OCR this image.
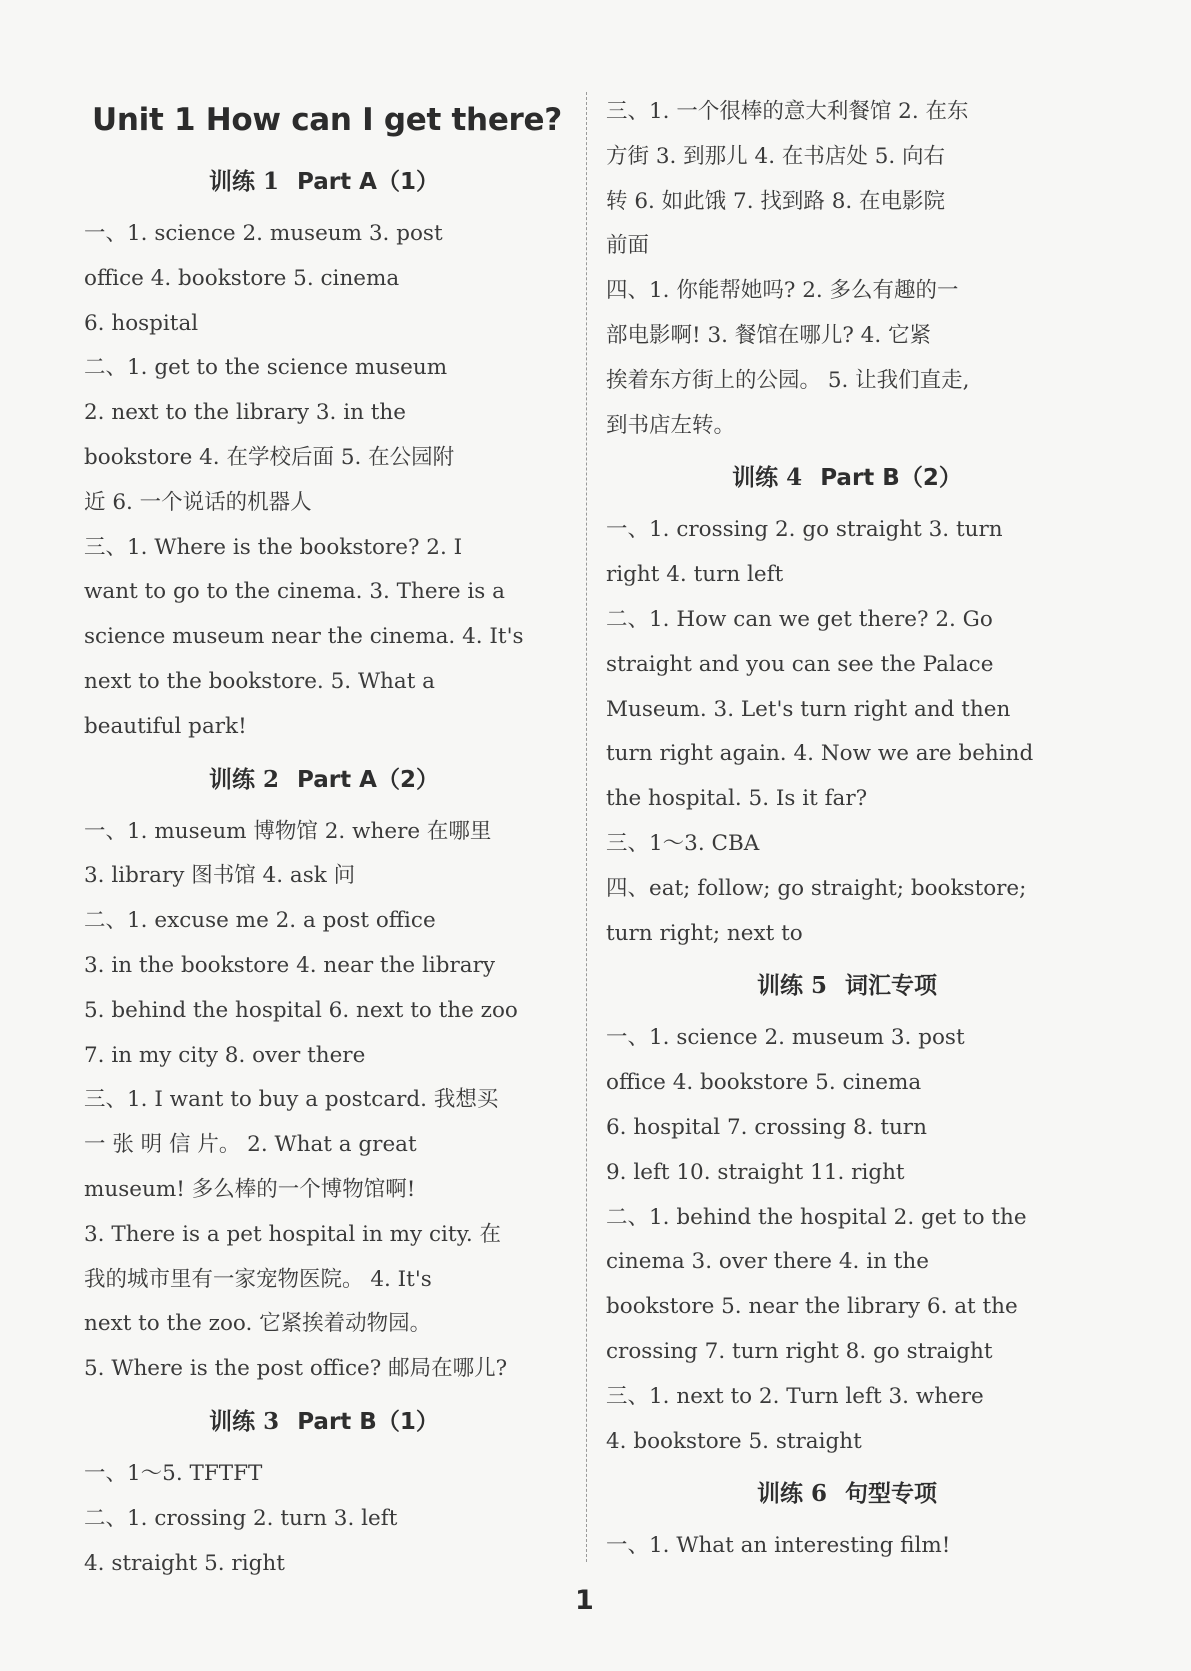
Unit 1 How can I get there?
训练 1 Part A（1）
一、1. science 2. museum 3. post
office 4. bookstore 5. cinema
6. hospital
二、1. get to the science museum
2. next to the library 3. in the
bookstore 4. 在学校后面 5. 在公园附
近 6. 一个说话的机器人
三、1. Where is the bookstore? 2. I
want to go to the cinema. 3. There is a
science museum near the cinema. 4. It's
next to the bookstore. 5. What a
beautiful park!
训练 2 Part A（2）
一、1. museum 博物馆 2. where 在哪里
3. library 图书馆 4. ask 问
二、1. excuse me 2. a post office
3. in the bookstore 4. near the library
5. behind the hospital 6. next to the zoo
7. in my city 8. over there
三、1. I want to buy a postcard. 我想买
一 张 明 信 片。 2. What a great
museum! 多么棒的一个博物馆啊!
3. There is a pet hospital in my city. 在
我的城市里有一家宠物医院。 4. It's
next to the zoo. 它紧挨着动物园。
5. Where is the post office? 邮局在哪儿?
训练 3 Part B（1）
一、1～5. TFTFT
二、1. crossing 2. turn 3. left
4. straight 5. right
三、1. 一个很棒的意大利餐馆 2. 在东
方街 3. 到那儿 4. 在书店处 5. 向右
转 6. 如此饿 7. 找到路 8. 在电影院
前面
四、1. 你能帮她吗? 2. 多么有趣的一
部电影啊! 3. 餐馆在哪儿? 4. 它紧
挨着东方街上的公园。 5. 让我们直走,
到书店左转。
训练 4 Part B（2）
一、1. crossing 2. go straight 3. turn
right 4. turn left
二、1. How can we get there? 2. Go
straight and you can see the Palace
Museum. 3. Let's turn right and then
turn right again. 4. Now we are behind
the hospital. 5. Is it far?
三、1～3. CBA
四、eat; follow; go straight; bookstore;
turn right; next to
训练 5 词汇专项
一、1. science 2. museum 3. post
office 4. bookstore 5. cinema
6. hospital 7. crossing 8. turn
9. left 10. straight 11. right
二、1. behind the hospital 2. get to the
cinema 3. over there 4. in the
bookstore 5. near the library 6. at the
crossing 7. turn right 8. go straight
三、1. next to 2. Turn left 3. where
4. bookstore 5. straight
训练 6 句型专项
一、1. What an interesting film!
1
